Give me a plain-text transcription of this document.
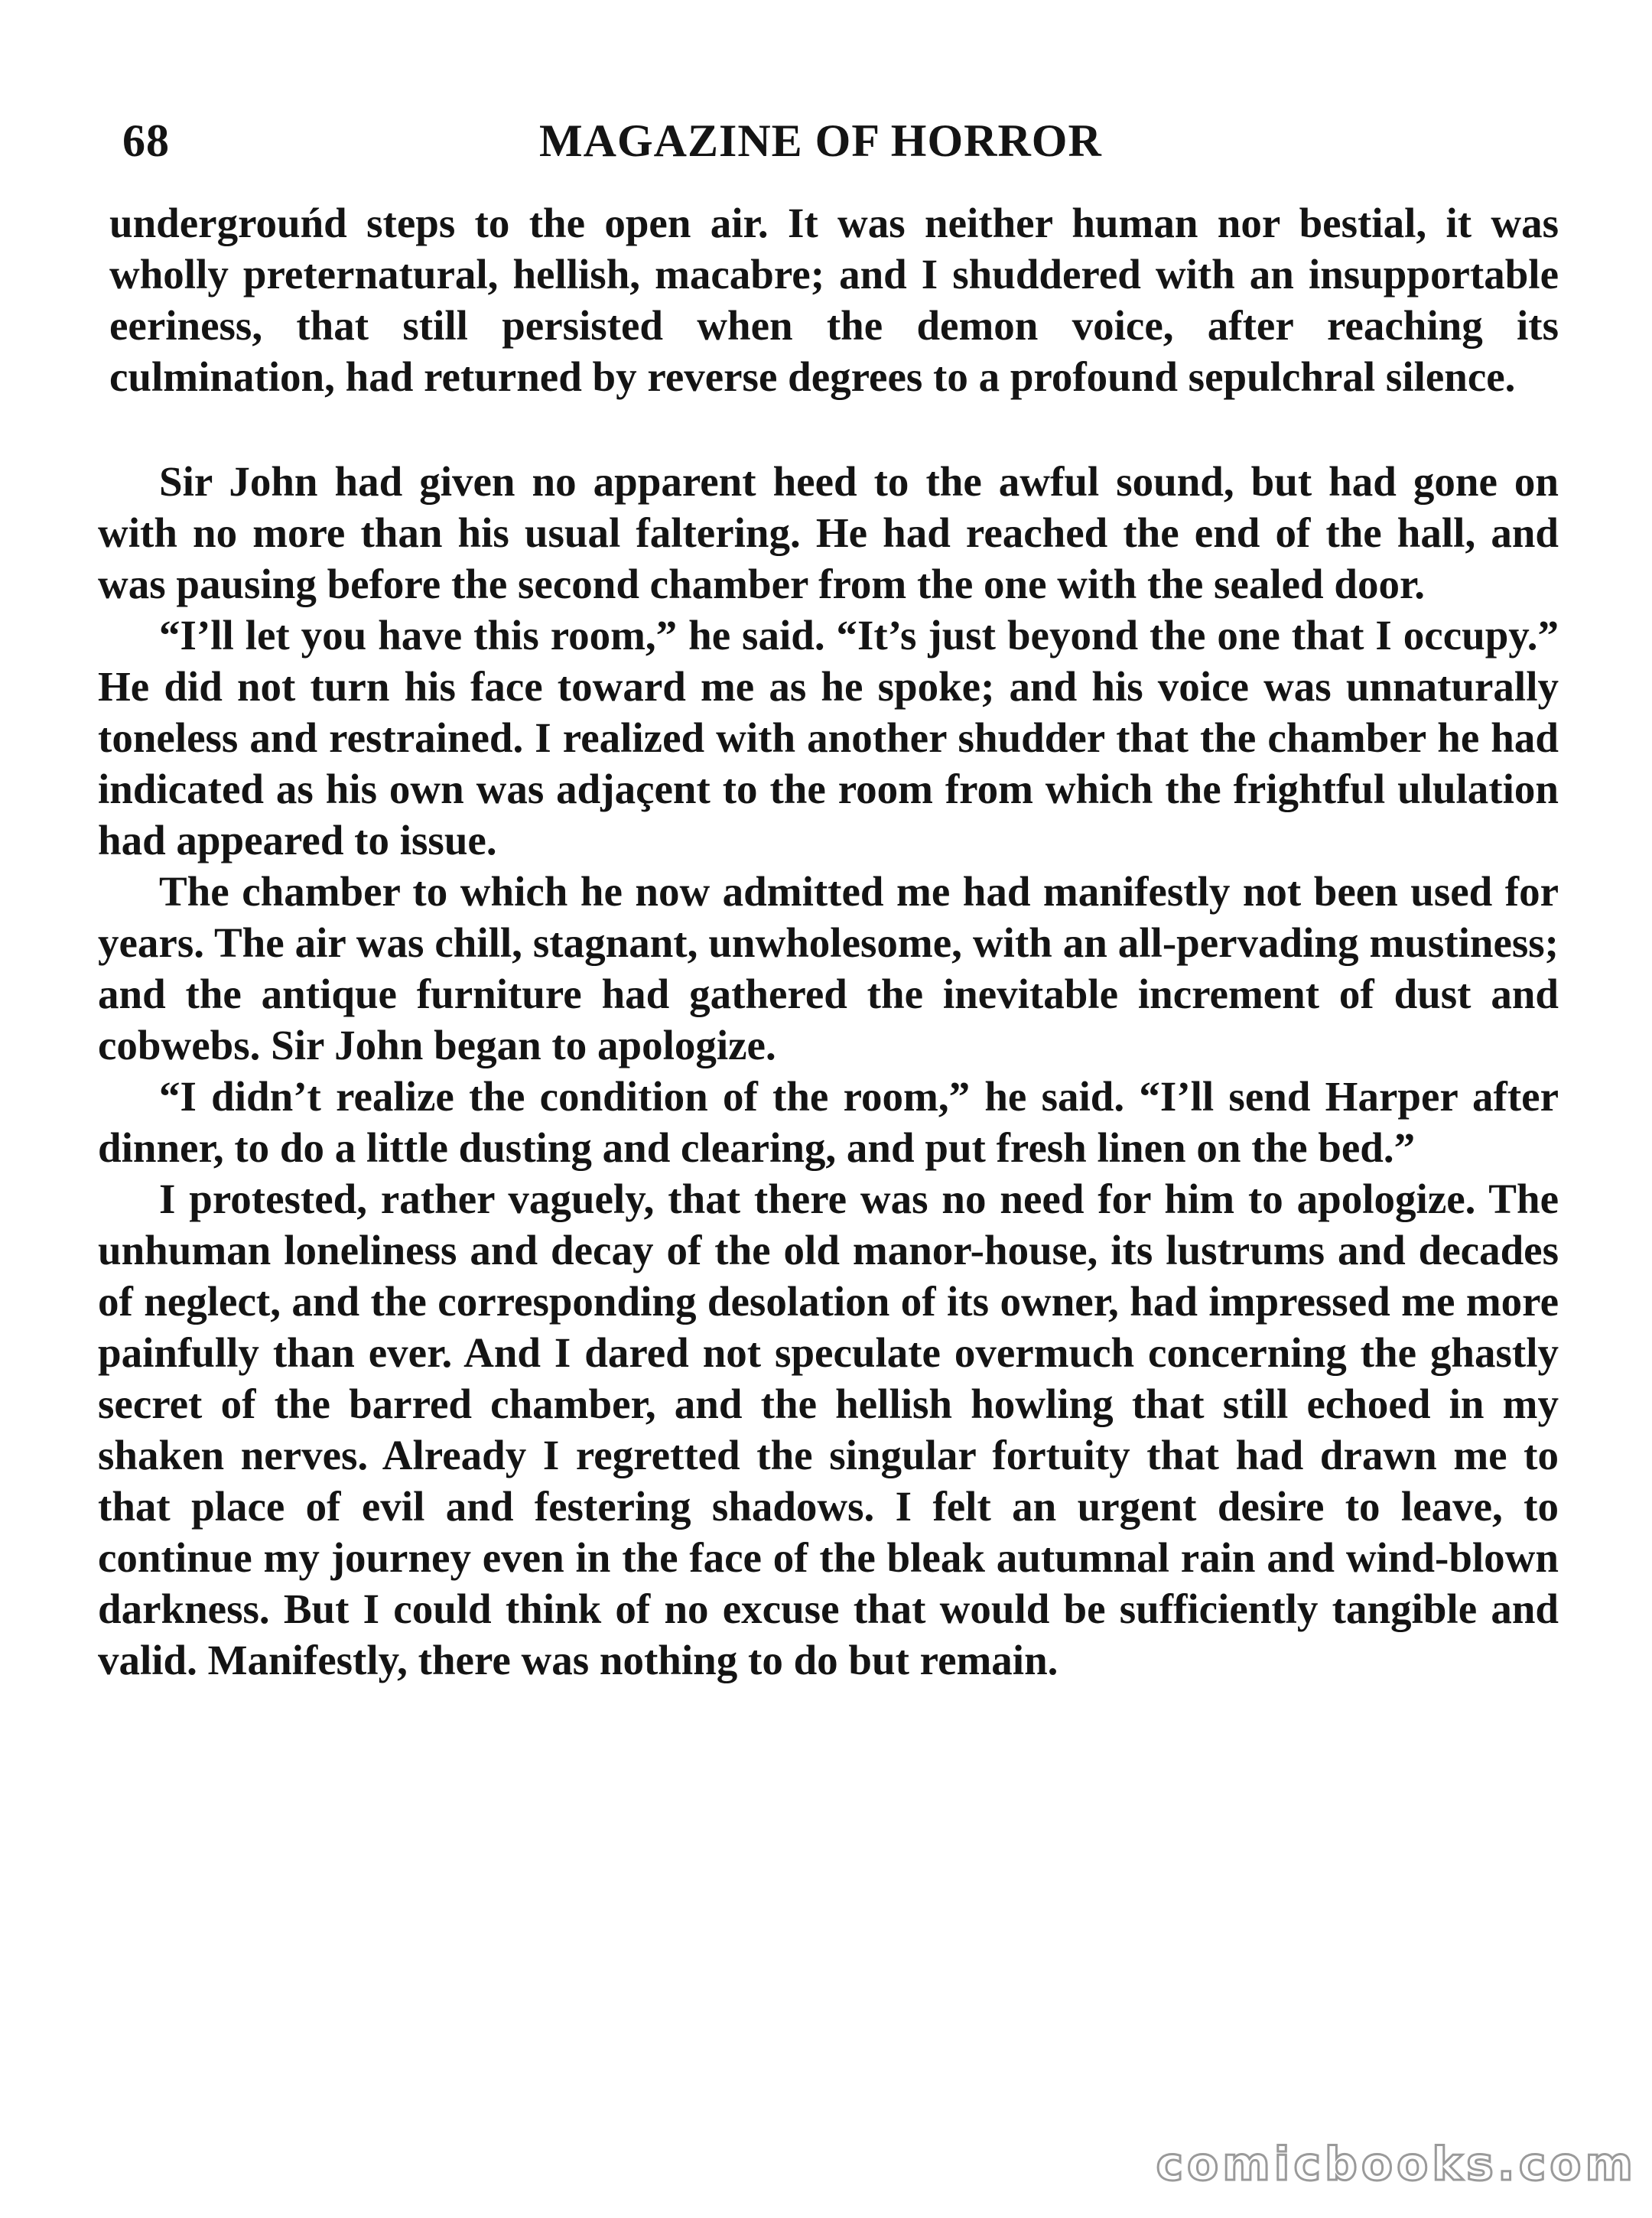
68	MAGAZINE OF HORROR

undergrouńd steps to the open air. It was neither human nor bestial, it was wholly preternatural, hellish, macabre; and I shuddered with an insupportable eeriness, that still persisted when the demon voice, after reaching its culmination, had returned by reverse degrees to a profound sepulchral silence.

Sir John had given no apparent heed to the awful sound, but had gone on with no more than his usual faltering. He had reached the end of the hall, and was pausing before the second chamber from the one with the sealed door.

“I’ll let you have this room,” he said. “It’s just beyond the one that I occupy.” He did not turn his face toward me as he spoke; and his voice was unnaturally toneless and restrained. I realized with another shudder that the chamber he had indicated as his own was adjaçent to the room from which the frightful ululation had appeared to issue.

The chamber to which he now admitted me had manifestly not been used for years. The air was chill, stagnant, unwholesome, with an all-pervading mustiness; and the antique furniture had gathered the inevitable increment of dust and cobwebs. Sir John began to apologize.

“I didn’t realize the condition of the room,” he said. “I’ll send Harper after dinner, to do a little dusting and clearing, and put fresh linen on the bed.”

I protested, rather vaguely, that there was no need for him to apologize. The unhuman loneliness and decay of the old manor-house, its lustrums and decades of neglect, and the corresponding desolation of its owner, had impressed me more painfully than ever. And I dared not speculate overmuch concerning the ghastly secret of the barred chamber, and the hellish howling that still echoed in my shaken nerves. Already I regretted the singular fortuity that had drawn me to that place of evil and festering shadows. I felt an urgent desire to leave, to continue my journey even in the face of the bleak autumnal rain and wind-blown darkness. But I could think of no excuse that would be sufficiently tangible and valid. Manifestly, there was nothing to do but remain.

comicbooks.com
